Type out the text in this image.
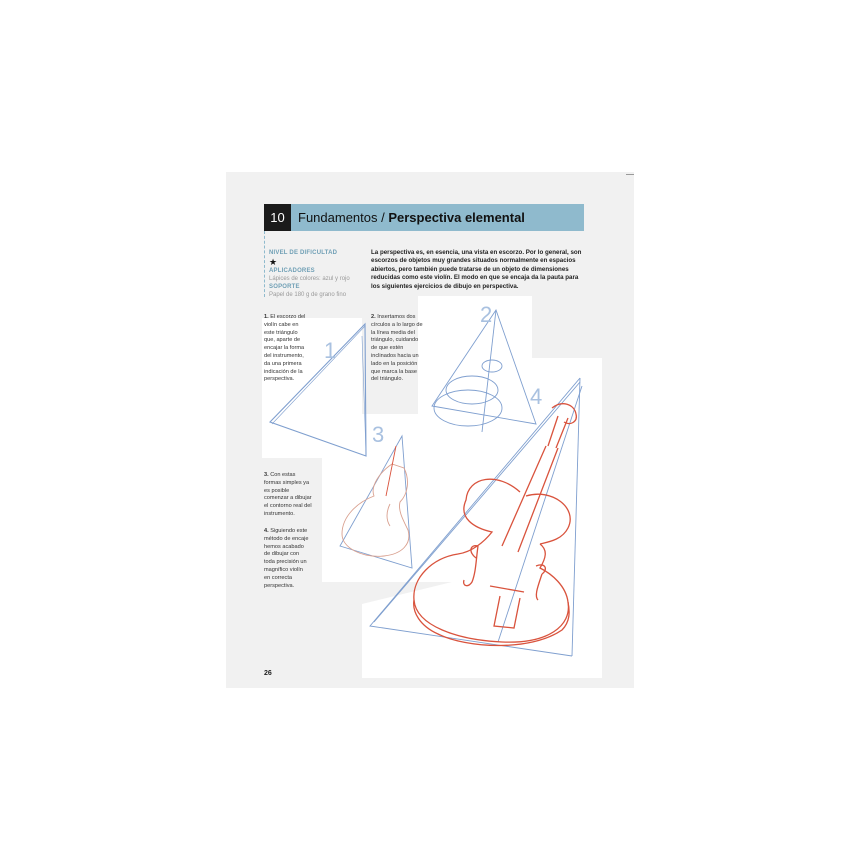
10	Fundamentos / Perspectiva elemental
NIVEL DE DIFICULTAD
★
APLICADORES
Lápices de colores: azul y rojo
SOPORTE
Papel de 180 g de grano fino
La perspectiva es, en esencia, una vista en escorzo. Por lo general, son escorzos de objetos muy grandes situados normalmente en espacios abiertos, pero también puede tratarse de un objeto de dimensiones reducidas como este violín. El modo en que se encaja da la pauta para los siguientes ejercicios de dibujo en perspectiva.
1
2
3
4
1. El escorzo del violín cabe en este triángulo que, aparte de encajar la forma del instrumento, da una primera indicación de la perspectiva.
2. Insertamos dos círculos a lo largo de la línea media del triángulo, cuidando de que estén inclinados hacia un lado en la posición que marca la base del triángulo.
3. Con estas formas simples ya es posible comenzar a dibujar el contorno real del instrumento.
4. Siguiendo este método de encaje hemos acabado de dibujar con toda precisión un magnífico violín en correcta perspectiva.
26
